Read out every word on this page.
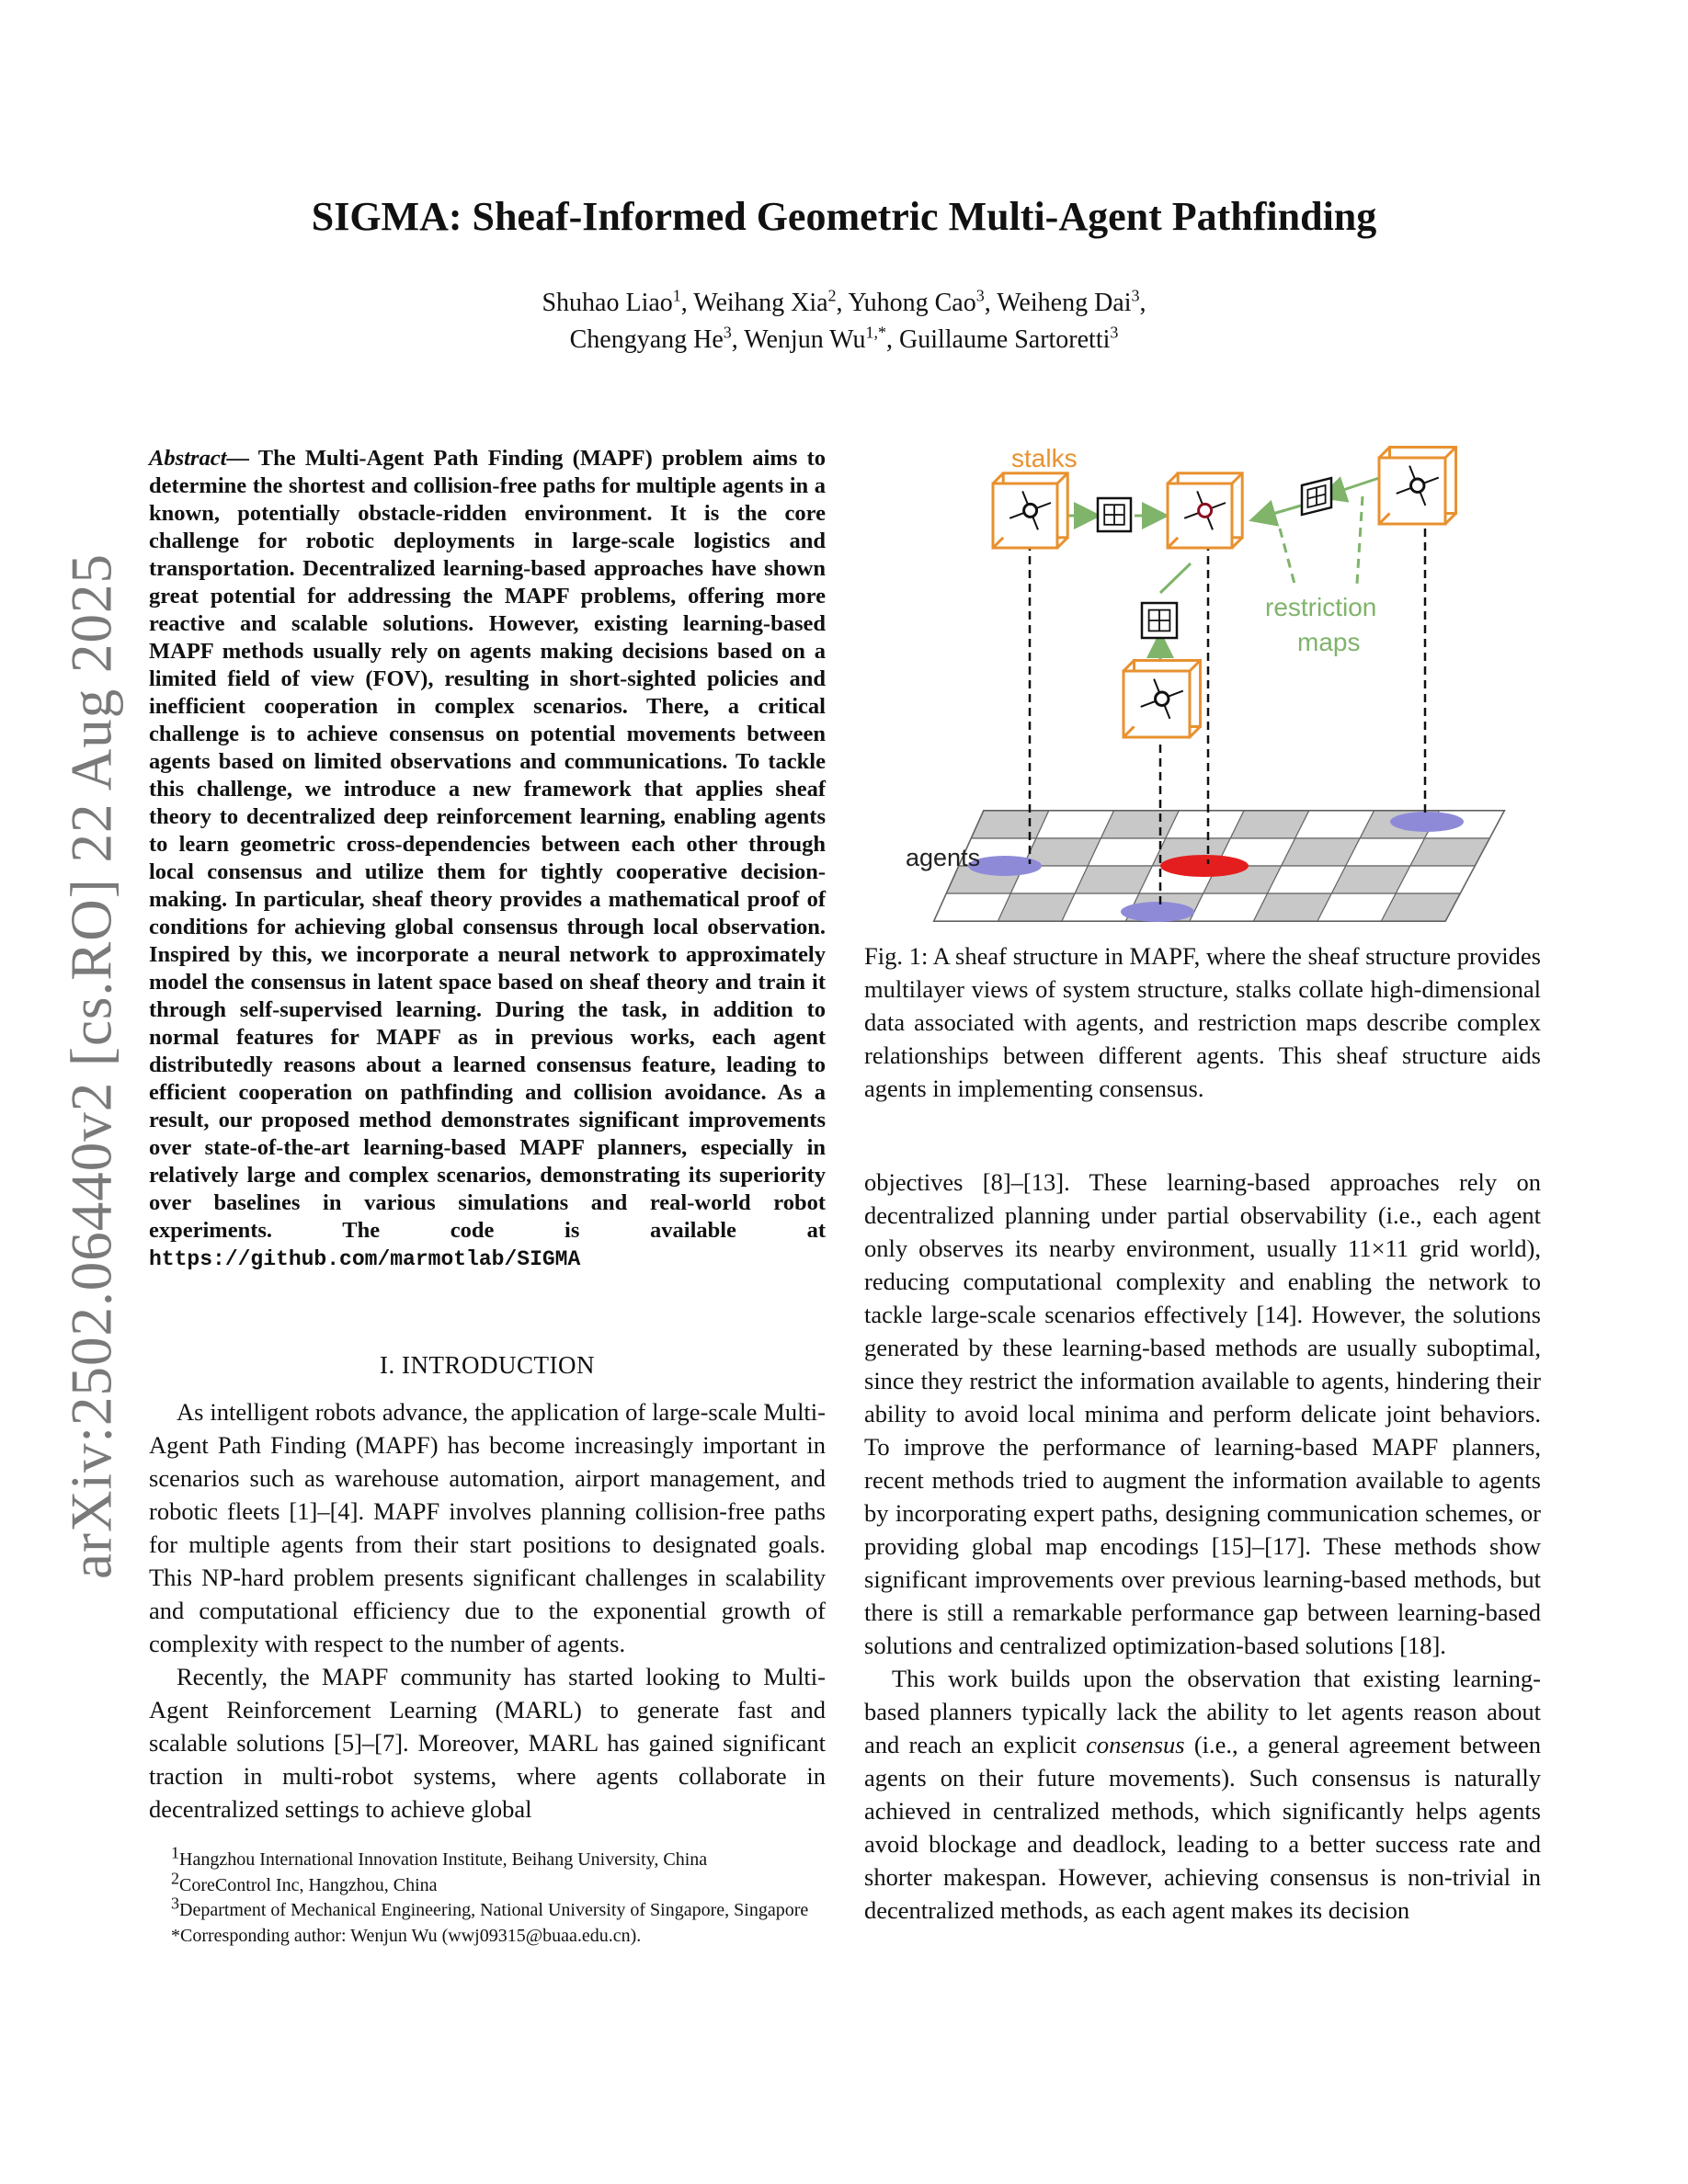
arXiv:2502.06440v2 [cs.RO] 22 Aug 2025
SIGMA: Sheaf-Informed Geometric Multi-Agent Pathfinding
Shuhao Liao$^1$, Weihang Xia$^2$, Yuhong Cao$^3$, Weiheng Dai$^3$,
Chengyang He$^3$, Wenjun $Wu^{1,*}$, Guillaume Sartoretti$^3$
Abstract— The Multi-Agent Path Finding (MAPF) problem aims to determine the shortest and collision-free paths for multiple agents in a known, potentially obstacle-ridden environment. It is the core challenge for robotic deployments in large-scale logistics and transportation. Decentralized learning-based approaches have shown great potential for addressing the MAPF problems, offering more reactive and scalable solutions. However, existing learning-based MAPF methods usually rely on agents making decisions based on a limited field of view (FOV), resulting in short-sighted policies and inefficient cooperation in complex scenarios. There, a critical challenge is to achieve consensus on potential movements between agents based on limited observations and communications. To tackle this challenge, we introduce a new framework that applies sheaf theory to decentralized deep reinforcement learning, enabling agents to learn geometric cross-dependencies between each other through local consensus and utilize them for tightly cooperative decision-making. In particular, sheaf theory provides a mathematical proof of conditions for achieving global consensus through local observation. Inspired by this, we incorporate a neural network to approximately model the consensus in latent space based on sheaf theory and train it through self-supervised learning. During the task, in addition to normal features for MAPF as in previous works, each agent distributedly reasons about a learned consensus feature, leading to efficient cooperation on pathfinding and collision avoidance. As a result, our proposed method demonstrates significant improvements over state-of-the-art learning-based MAPF planners, especially in relatively large and complex scenarios, demonstrating its superiority over baselines in various simulations and real-world robot experiments. The code is available at https://github.com/marmotlab/SIGMA
I. INTRODUCTION

As intelligent robots advance, the application of large-scale Multi-Agent Path Finding (MAPF) has become increasingly important in scenarios such as warehouse automation, airport management, and robotic fleets [1]–[4]. MAPF involves planning collision-free paths for multiple agents from their start positions to designated goals. This NP-hard problem presents significant challenges in scalability and computational efficiency due to the exponential growth of complexity with respect to the number of agents.

Recently, the MAPF community has started looking to Multi-Agent Reinforcement Learning (MARL) to generate fast and scalable solutions [5]–[7]. Moreover, MARL has gained significant traction in multi-robot systems, where agents collaborate in decentralized settings to achieve global

$^1$Hangzhou International Innovation Institute, Beihang University, China
$^2$CoreControl Inc, Hangzhou, China
$^3$Department of Mechanical Engineering, National University of Singapore, Singapore
*Corresponding author: Wenjun Wu (wwj09315@buaa.edu.cn).
stalks
restriction
maps
agents
Fig. 1: A sheaf structure in MAPF, where the sheaf structure provides multilayer views of system structure, stalks collate high-dimensional data associated with agents, and restriction maps describe complex relationships between different agents. This sheaf structure aids agents in implementing consensus.

objectives [8]–[13]. These learning-based approaches rely on decentralized planning under partial observability (i.e., each agent only observes its nearby environment, usually 11×11 grid world), reducing computational complexity and enabling the network to tackle large-scale scenarios effectively [14]. However, the solutions generated by these learning-based methods are usually suboptimal, since they restrict the information available to agents, hindering their ability to avoid local minima and perform delicate joint behaviors. To improve the performance of learning-based MAPF planners, recent methods tried to augment the information available to agents by incorporating expert paths, designing communication schemes, or providing global map encodings [15]–[17]. These methods show significant improvements over previous learning-based methods, but there is still a remarkable performance gap between learning-based solutions and centralized optimization-based solutions [18].

This work builds upon the observation that existing learning-based planners typically lack the ability to let agents reason about and reach an explicit consensus (i.e., a general agreement between agents on their future movements). Such consensus is naturally achieved in centralized methods, which significantly helps agents avoid blockage and deadlock, leading to a better success rate and shorter makespan. However, achieving consensus is non-trivial in decentralized methods, as each agent makes its decision
